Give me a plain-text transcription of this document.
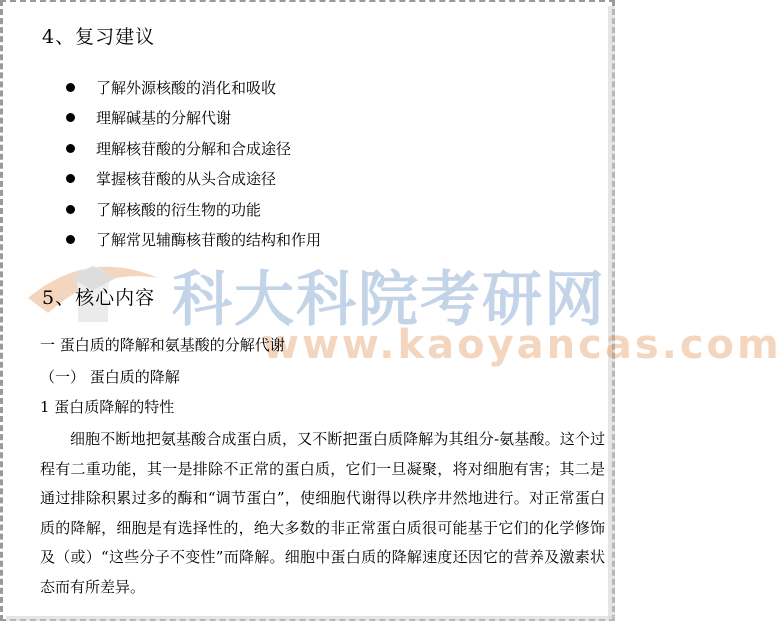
科大科院考研网
www.kaoyancas.com
4、复习建议
了解外源核酸的消化和吸收
理解碱基的分解代谢
理解核苷酸的分解和合成途径
掌握核苷酸的从头合成途径
了解核酸的衍生物的功能
了解常见辅酶核苷酸的结构和作用
5、核心内容
一 蛋白质的降解和氨基酸的分解代谢
（一） 蛋白质的降解
1 蛋白质降解的特性
细胞不断地把氨基酸合成蛋白质，又不断把蛋白质降解为其组分-氨基酸。这个过程有二重功能，其一是排除不正常的蛋白质，它们一旦凝聚，将对细胞有害；其二是通过排除积累过多的酶和“调节蛋白”，使细胞代谢得以秩序井然地进行。对正常蛋白质的降解，细胞是有选择性的，绝大多数的非正常蛋白质很可能基于它们的化学修饰及（或）“这些分子不变性”而降解。细胞中蛋白质的降解速度还因它的营养及激素状态而有所差异。
